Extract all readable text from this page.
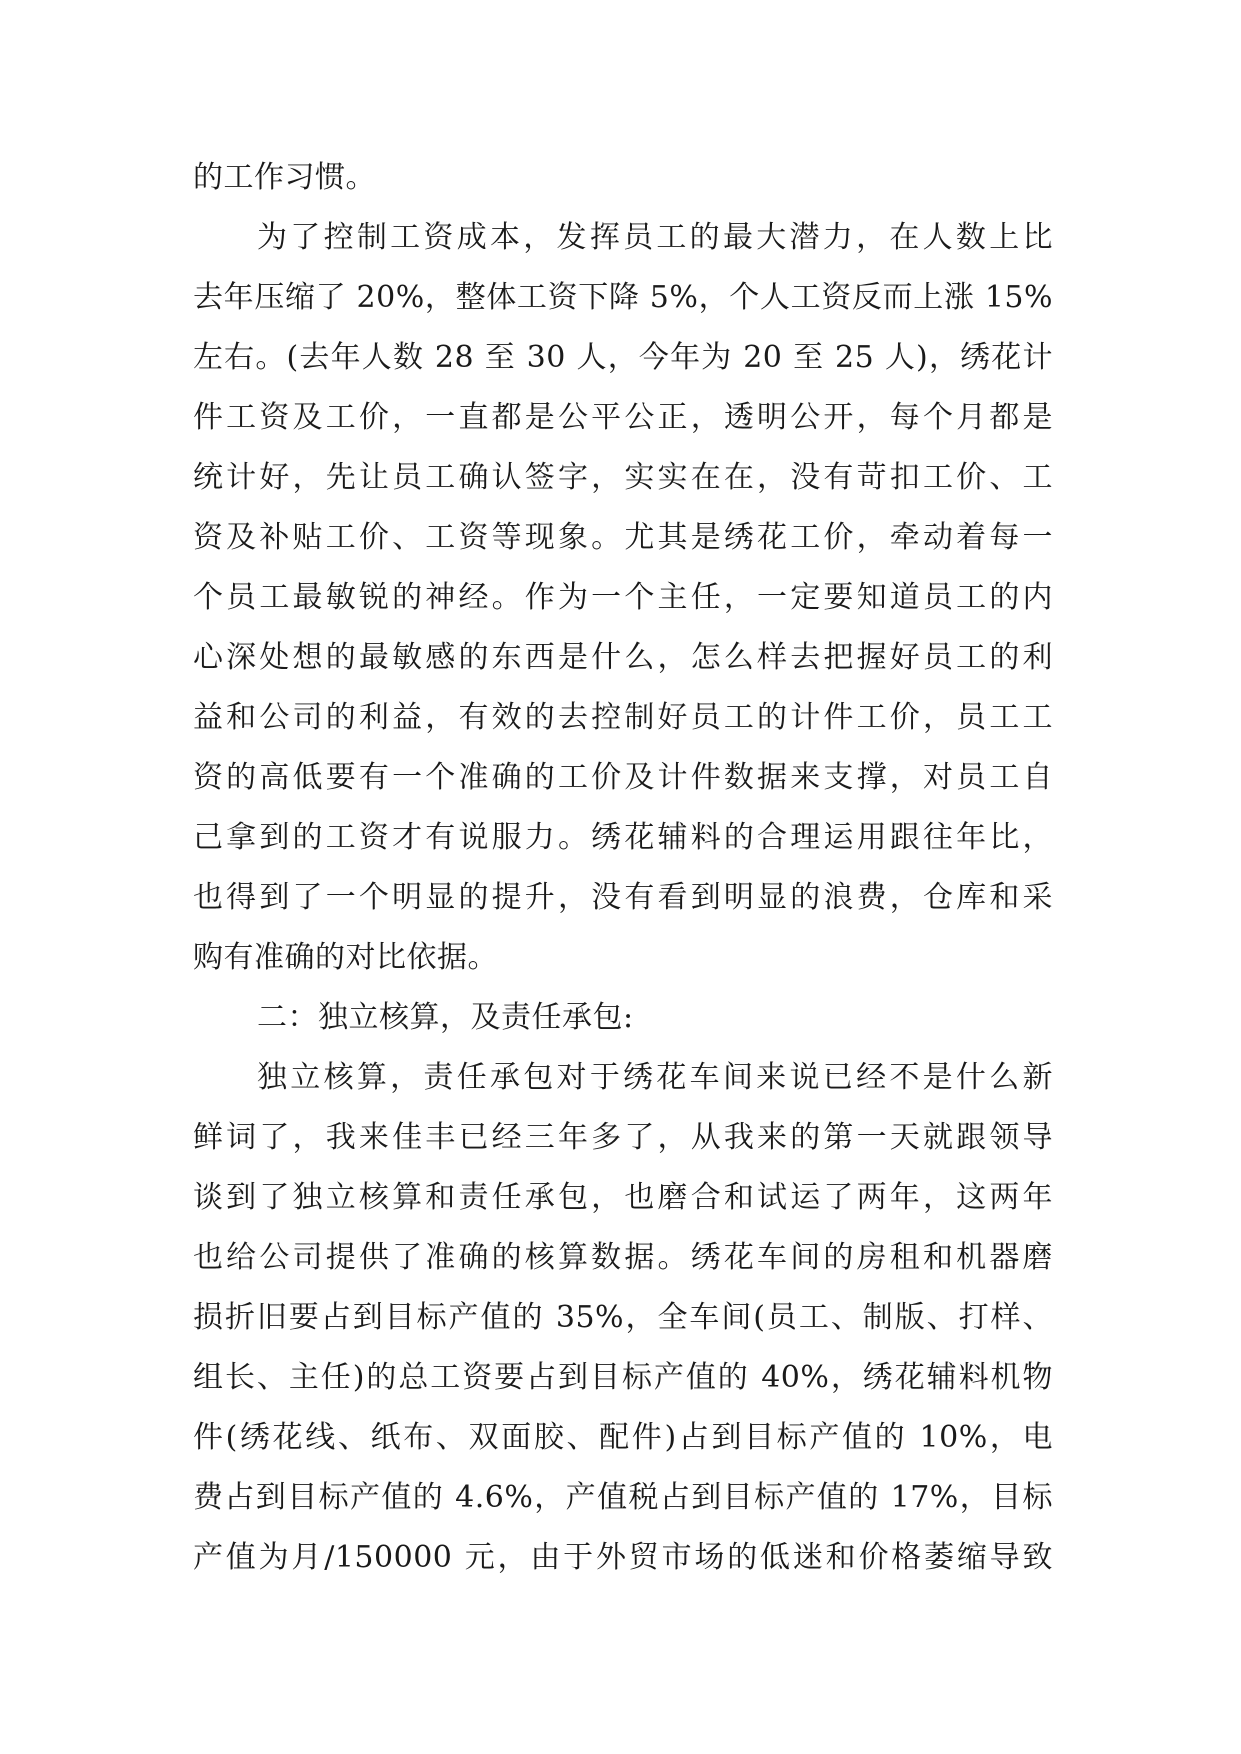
的工作习惯。
为了控制工资成本，发挥员工的最大潜力，在人数上比
去年压缩了 20%，整体工资下降 5%，个人工资反而上涨 15%
左右。(去年人数 28 至 30 人，今年为 20 至 25 人)，绣花计
件工资及工价，一直都是公平公正，透明公开，每个月都是
统计好，先让员工确认签字，实实在在，没有苛扣工价、工
资及补贴工价、工资等现象。尤其是绣花工价，牵动着每一
个员工最敏锐的神经。作为一个主任，一定要知道员工的内
心深处想的最敏感的东西是什么，怎么样去把握好员工的利
益和公司的利益，有效的去控制好员工的计件工价，员工工
资的高低要有一个准确的工价及计件数据来支撑，对员工自
己拿到的工资才有说服力。绣花辅料的合理运用跟往年比，
也得到了一个明显的提升，没有看到明显的浪费，仓库和采
购有准确的对比依据。
二：独立核算，及责任承包:
独立核算，责任承包对于绣花车间来说已经不是什么新
鲜词了，我来佳丰已经三年多了，从我来的第一天就跟领导
谈到了独立核算和责任承包，也磨合和试运了两年，这两年
也给公司提供了准确的核算数据。绣花车间的房租和机器磨
损折旧要占到目标产值的 35%，全车间(员工、制版、打样、
组长、主任)的总工资要占到目标产值的 40%，绣花辅料机物
件(绣花线、纸布、双面胶、配件)占到目标产值的 10%，电
费占到目标产值的 4.6%，产值税占到目标产值的 17%，目标
产值为月/150000 元，由于外贸市场的低迷和价格萎缩导致
